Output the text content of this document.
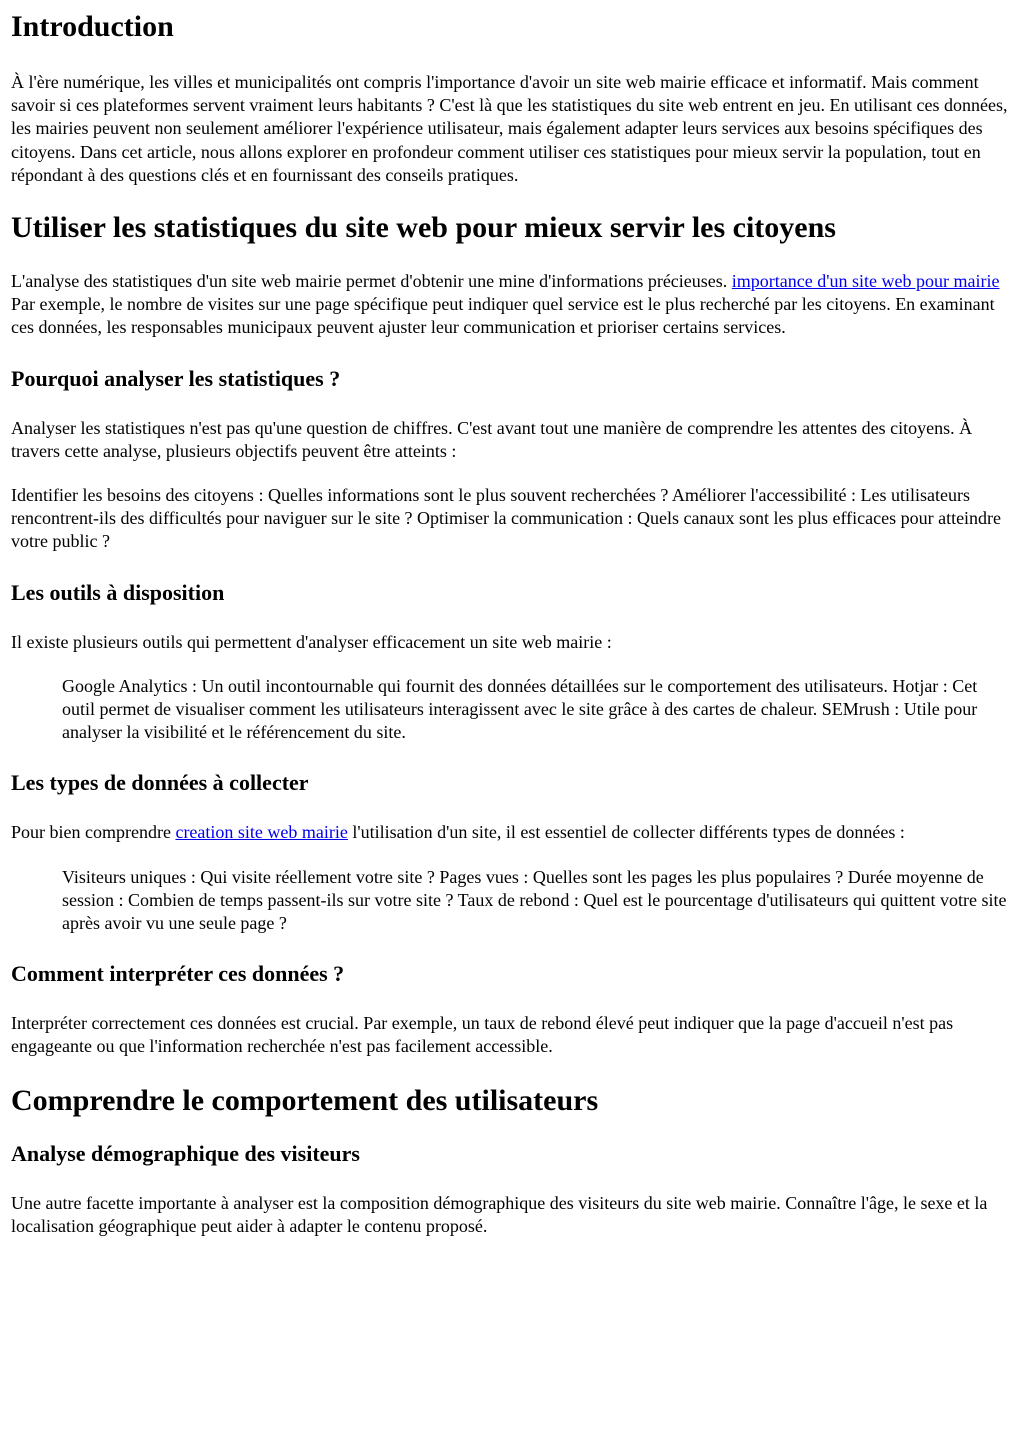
Introduction

À l'ère numérique, les villes et municipalités ont compris l'importance d'avoir un site web mairie efficace et informatif. Mais comment savoir si ces plateformes servent vraiment leurs habitants ? C'est là que les statistiques du site web entrent en jeu. En utilisant ces données, les mairies peuvent non seulement améliorer l'expérience utilisateur, mais également adapter leurs services aux besoins spécifiques des citoyens. Dans cet article, nous allons explorer en profondeur comment utiliser ces statistiques pour mieux servir la population, tout en répondant à des questions clés et en fournissant des conseils pratiques.

Utiliser les statistiques du site web pour mieux servir les citoyens

L'analyse des statistiques d'un site web mairie permet d'obtenir une mine d'informations précieuses. importance d'un site web pour mairie Par exemple, le nombre de visites sur une page spécifique peut indiquer quel service est le plus recherché par les citoyens. En examinant ces données, les responsables municipaux peuvent ajuster leur communication et prioriser certains services.

Pourquoi analyser les statistiques ?

Analyser les statistiques n'est pas qu'une question de chiffres. C'est avant tout une manière de comprendre les attentes des citoyens. À travers cette analyse, plusieurs objectifs peuvent être atteints :

Identifier les besoins des citoyens : Quelles informations sont le plus souvent recherchées ? Améliorer l'accessibilité : Les utilisateurs rencontrent-ils des difficultés pour naviguer sur le site ? Optimiser la communication : Quels canaux sont les plus efficaces pour atteindre votre public ?

Les outils à disposition

Il existe plusieurs outils qui permettent d'analyser efficacement un site web mairie :

Google Analytics : Un outil incontournable qui fournit des données détaillées sur le comportement des utilisateurs. Hotjar : Cet outil permet de visualiser comment les utilisateurs interagissent avec le site grâce à des cartes de chaleur. SEMrush : Utile pour analyser la visibilité et le référencement du site.
Les types de données à collecter

Pour bien comprendre creation site web mairie l'utilisation d'un site, il est essentiel de collecter différents types de données :

Visiteurs uniques : Qui visite réellement votre site ? Pages vues : Quelles sont les pages les plus populaires ? Durée moyenne de session : Combien de temps passent-ils sur votre site ? Taux de rebond : Quel est le pourcentage d'utilisateurs qui quittent votre site après avoir vu une seule page ?
Comment interpréter ces données ?

Interpréter correctement ces données est crucial. Par exemple, un taux de rebond élevé peut indiquer que la page d'accueil n'est pas engageante ou que l'information recherchée n'est pas facilement accessible.

Comprendre le comportement des utilisateurs
Analyse démographique des visiteurs

Une autre facette importante à analyser est la composition démographique des visiteurs du site web mairie. Connaître l'âge, le sexe et la localisation géographique peut aider à adapter le contenu proposé.
